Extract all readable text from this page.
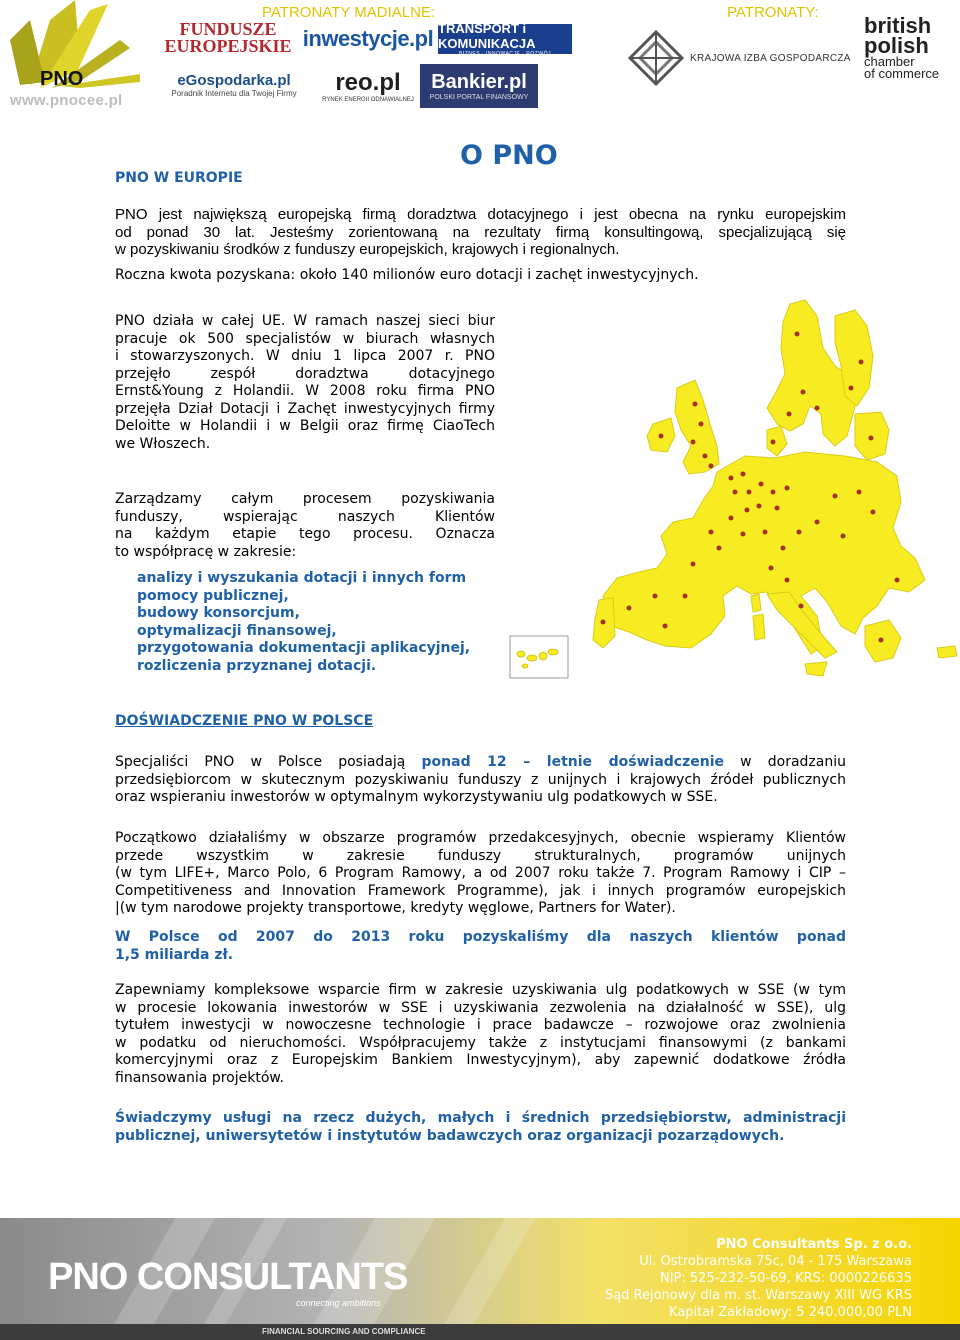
PNO
www.pnocee.pl
PATRONATY MADIALNE:	PATRONATY:
FUNDUSZE EUROPEJSKIE inwestycje.pl TRANSPORT i KOMUNIKACJA
BIZNES · INNOWACJE · ROZWÓJ
eGospodarka.pl
Poradnik Internetu dla Twojej Firmy reo.pl
RYNEK ENERGII ODNAWIALNEJ
Bankier.pl
POLSKI PORTAL FINANSOWY
KRAJOWA IZBA GOSPODARCZA
british
polish
chamber
of commerce
PNO W EUROPIE
O PNO

PNO jest największą europejską firmą doradztwa dotacyjnego i jest obecna na rynku europejskim

od ponad 30 lat. Jesteśmy zorientowaną na rezultaty firmą konsultingową, specjalizującą się

w pozyskiwaniu środków z funduszy europejskich, krajowych i regionalnych.

Roczna kwota pozyskana: około 140 milionów euro dotacji i zachęt inwestycyjnych.

PNO działa w całej UE. W ramach naszej sieci biur

pracuje ok 500 specjalistów w biurach własnych

i stowarzyszonych. W dniu 1 lipca 2007 r. PNO

przejęło zespół doradztwa dotacyjnego

Ernst&Young z Holandii. W 2008 roku firma PNO

przejęła Dział Dotacji i Zachęt inwestycyjnych firmy

Deloitte w Holandii i w Belgii oraz firmę CiaoTech

we Włoszech.

Zarządzamy całym procesem pozyskiwania

funduszy, wspierając naszych Klientów

na każdym etapie tego procesu. Oznacza

to współpracę w zakresie:

analizy i wyszukania dotacji i innych form
pomocy publicznej,
budowy konsorcjum,
optymalizacji finansowej,
przygotowania dokumentacji aplikacyjnej,
rozliczenia przyznanej dotacji.
DOŚWIADCZENIE PNO W POLSCE

Specjaliści PNO w Polsce posiadają ponad 12 – letnie doświadczenie w doradzaniu

przedsiębiorcom w skutecznym pozyskiwaniu funduszy z unijnych i krajowych źródeł publicznych

oraz wspieraniu inwestorów w optymalnym wykorzystywaniu ulg podatkowych w SSE.

Początkowo działaliśmy w obszarze programów przedakcesyjnych, obecnie wspieramy Klientów

przede wszystkim w zakresie funduszy strukturalnych, programów unijnych

(w tym LIFE+, Marco Polo, 6 Program Ramowy, a od 2007 roku także 7. Program Ramowy i CIP –

Competitiveness and Innovation Framework Programme), jak i innych programów europejskich

|(w tym narodowe projekty transportowe, kredyty węglowe, Partners for Water).

W Polsce od 2007 do 2013 roku pozyskaliśmy dla naszych klientów ponad

1,5 miliarda zł.

Zapewniamy kompleksowe wsparcie firm w zakresie uzyskiwania ulg podatkowych w SSE (w tym

w procesie lokowania inwestorów w SSE i uzyskiwania zezwolenia na działalność w SSE), ulg

tytułem inwestycji w nowoczesne technologie i prace badawcze – rozwojowe oraz zwolnienia

w podatku od nieruchomości. Współpracujemy także z instytucjami finansowymi (z bankami

komercyjnymi oraz z Europejskim Bankiem Inwestycyjnym), aby zapewnić dodatkowe źródła

finansowania projektów.

Świadczymy usługi na rzecz dużych, małych i średnich przedsiębiorstw, administracji

publicznej, uniwersytetów i instytutów badawczych oraz organizacji pozarządowych.

PNO CONSULTANTS
connecting ambitions
PNO Consultants Sp. z o.o.
Ul. Ostrobramska 75c, 04 - 175 Warszawa
NIP: 525-232-50-69, KRS: 0000226635
Sąd Rejonowy dla m. st. Warszawy XIII WG KRS
Kapitał Zakładowy: 5 240.000,00 PLN
FINANCIAL SOURCING AND COMPLIANCE
